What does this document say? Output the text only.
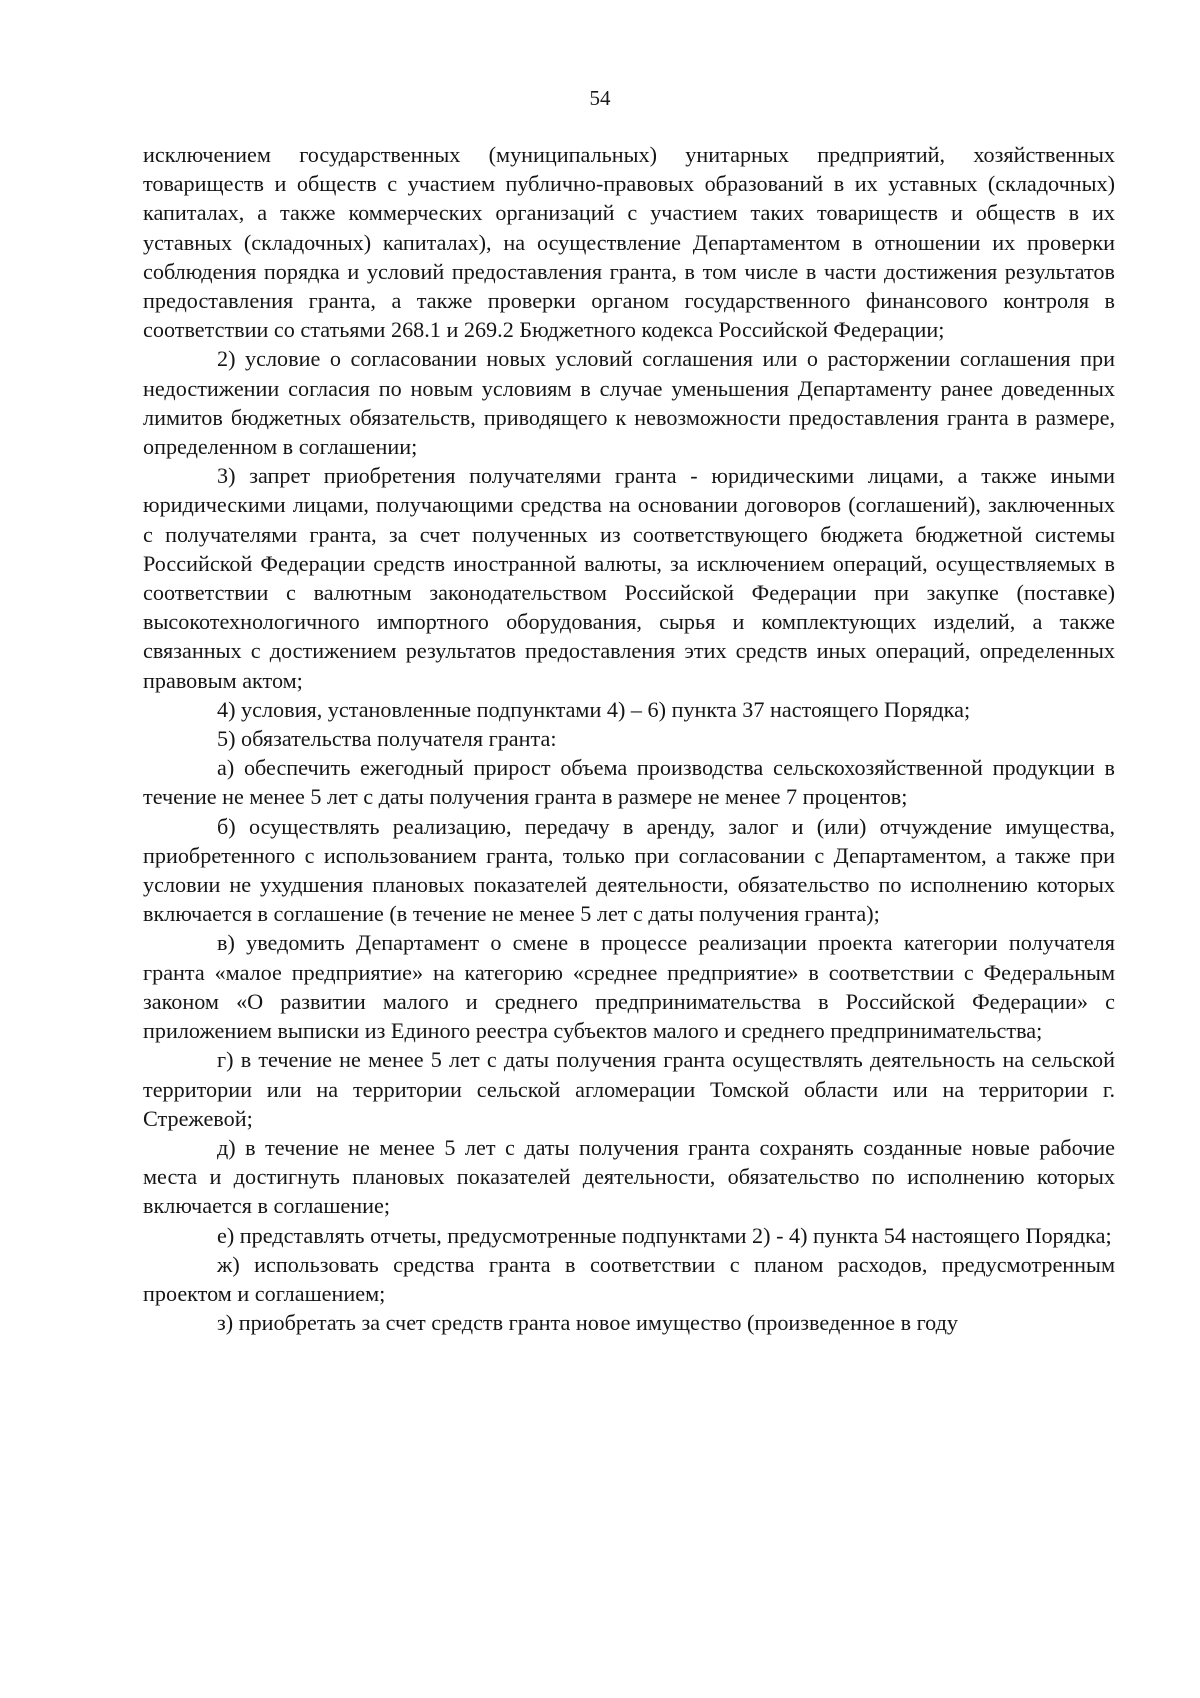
54

исключением государственных (муниципальных) унитарных предприятий, хозяйственных товариществ и обществ с участием публично-правовых образований в их уставных (складочных) капиталах, а также коммерческих организаций с участием таких товариществ и обществ в их уставных (складочных) капиталах), на осуществление Департаментом в отношении их проверки соблюдения порядка и условий предоставления гранта, в том числе в части достижения результатов предоставления гранта, а также проверки органом государственного финансового контроля в соответствии со статьями 268.1 и 269.2 Бюджетного кодекса Российской Федерации;

2) условие о согласовании новых условий соглашения или о расторжении соглашения при недостижении согласия по новым условиям в случае уменьшения Департаменту ранее доведенных лимитов бюджетных обязательств, приводящего к невозможности предоставления гранта в размере, определенном в соглашении;

3) запрет приобретения получателями гранта - юридическими лицами, а также иными юридическими лицами, получающими средства на основании договоров (соглашений), заключенных с получателями гранта, за счет полученных из соответствующего бюджета бюджетной системы Российской Федерации средств иностранной валюты, за исключением операций, осуществляемых в соответствии с валютным законодательством Российской Федерации при закупке (поставке) высокотехнологичного импортного оборудования, сырья и комплектующих изделий, а также связанных с достижением результатов предоставления этих средств иных операций, определенных правовым актом;

4) условия, установленные подпунктами 4) – 6) пункта 37 настоящего Порядка;

5) обязательства получателя гранта:

а) обеспечить ежегодный прирост объема производства сельскохозяйственной продукции в течение не менее 5 лет с даты получения гранта в размере не менее 7 процентов;

б) осуществлять реализацию, передачу в аренду, залог и (или) отчуждение имущества, приобретенного с использованием гранта, только при согласовании с Департаментом, а также при условии не ухудшения плановых показателей деятельности, обязательство по исполнению которых включается в соглашение (в течение не менее 5 лет с даты получения гранта);

в) уведомить Департамент о смене в процессе реализации проекта категории получателя гранта «малое предприятие» на категорию «среднее предприятие» в соответствии с Федеральным законом «О развитии малого и среднего предпринимательства в Российской Федерации» с приложением выписки из Единого реестра субъектов малого и среднего предпринимательства;

г) в течение не менее 5 лет с даты получения гранта осуществлять деятельность на сельской территории или на территории сельской агломерации Томской области или на территории г. Стрежевой;

д) в течение не менее 5 лет с даты получения гранта сохранять созданные новые рабочие места и достигнуть плановых показателей деятельности, обязательство по исполнению которых включается в соглашение;

е) представлять отчеты, предусмотренные подпунктами 2) - 4) пункта 54 настоящего Порядка;

ж) использовать средства гранта в соответствии с планом расходов, предусмотренным проектом и соглашением;

з) приобретать за счет средств гранта новое имущество (произведенное в году
